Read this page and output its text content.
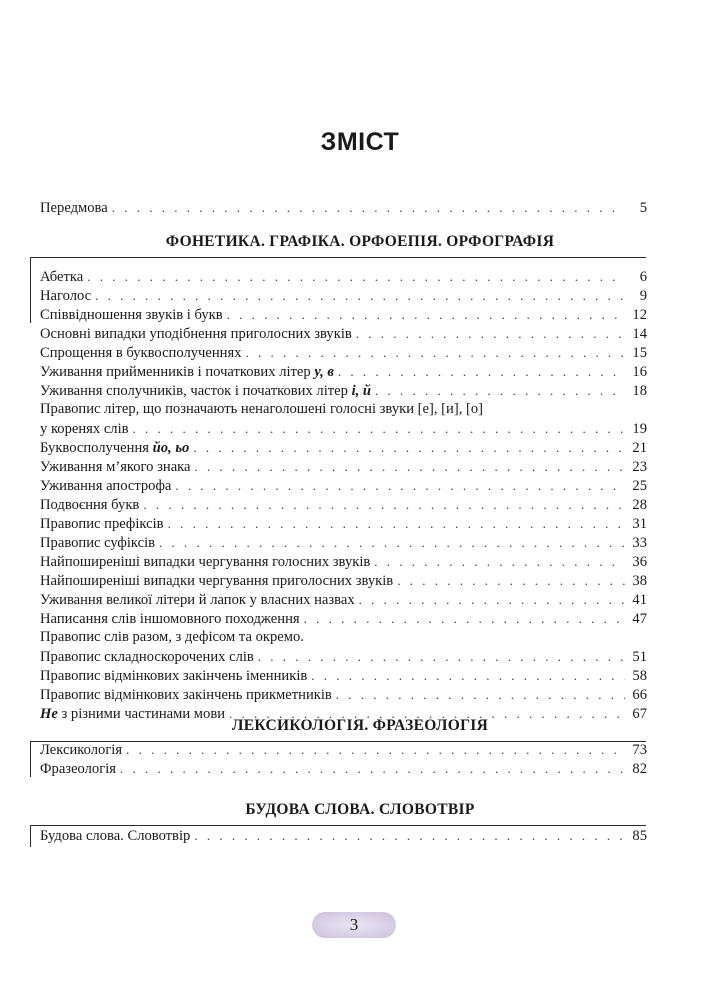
ЗМІСТ
Передмова . . .	5
ФОНЕТИКА. ГРАФІКА. ОРФОЕПІЯ. ОРФОГРАФІЯ
Абетка . . .	6
Наголос . . .	9
Співвідношення звуків і букв . . .	12
Основні випадки уподібнення приголосних звуків . . .	14
Спрощення в буквосполученнях . . .	15
Уживання прийменників і початкових літер у, в . . .	16
Уживання сполучників, часток і початкових літер і, й . . .	18
Правопис літер, що позначають ненаголошені голосні звуки [е], [и], [о]
у коренях слів . . .	19
Буквосполучення йо, ьо . . .	21
Уживання м’якого знака . . .	23
Уживання апострофа . . .	25
Подвоєння букв . . .	28
Правопис префіксів . . .	31
Правопис суфіксів . . .	33
Найпоширеніші випадки чергування голосних звуків . . .	36
Найпоширеніші випадки чергування приголосних звуків . . .	38
Уживання великої літери й лапок у власних назвах . . .	41
Написання слів іншомовного походження . . .	47
Правопис слів разом, з дефісом та окремо.
Правопис складноскорочених слів . . .	51
Правопис відмінкових закінчень іменників . . .	58
Правопис відмінкових закінчень прикметників . . .	66
Не з різними частинами мови . . .	67
ЛЕКСИКОЛОГІЯ. ФРАЗЕОЛОГІЯ
Лексикологія . . .	73
Фразеологія . . .	82
БУДОВА СЛОВА. СЛОВОТВІР
Будова слова. Словотвір . . .	85
3
